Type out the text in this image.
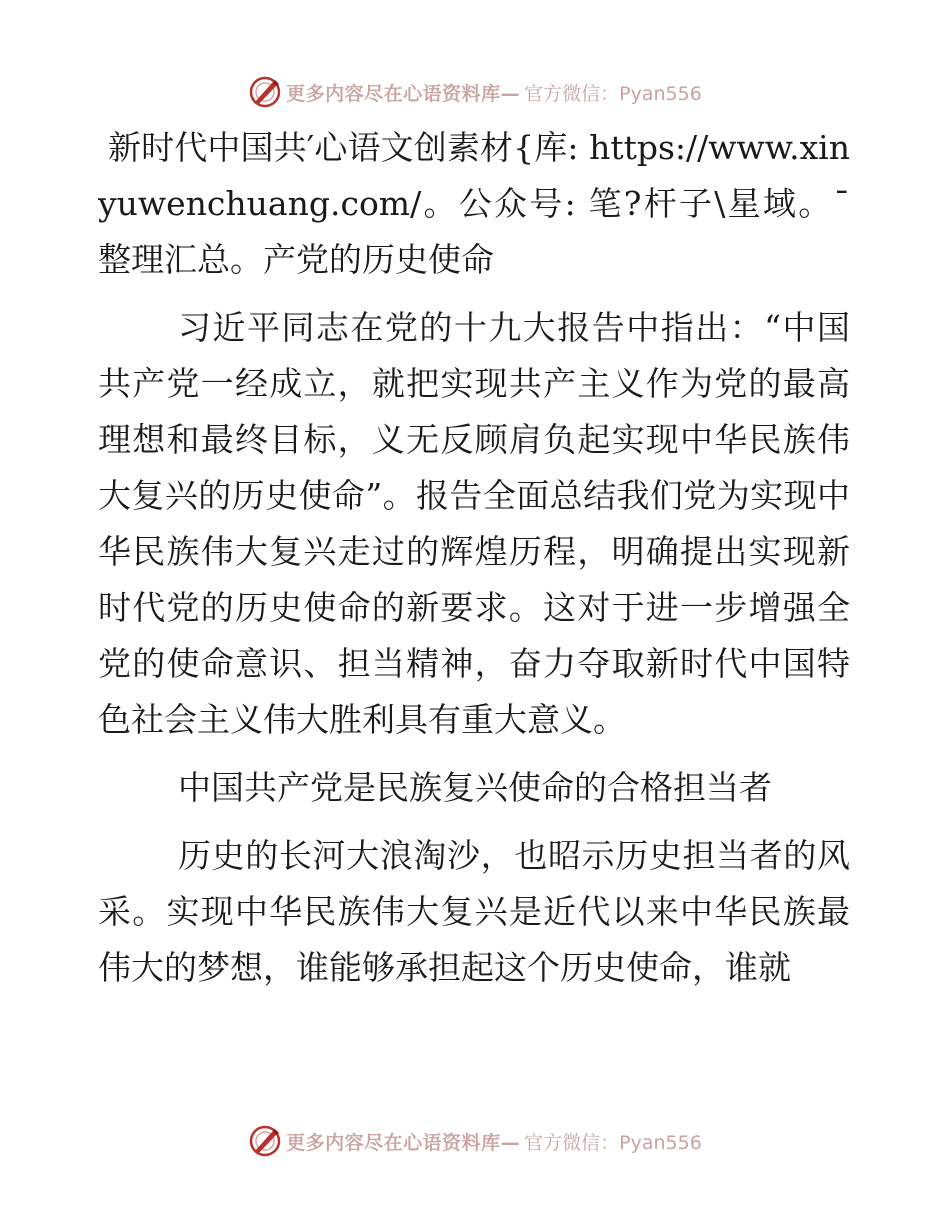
更多内容尽在心语资料库— 官方微信：Pyan556

新时代中国共′心语文创素材{库: https://www.xinyuwenchuang.com/。公众号: 笔?杆子\星域。¯整理汇总。产党的历史使命

习近平同志在党的十九大报告中指出：“中国共产党一经成立，就把实现共产主义作为党的最高理想和最终目标，义无反顾肩负起实现中华民族伟大复兴的历史使命”。报告全面总结我们党为实现中华民族伟大复兴走过的辉煌历程，明确提出实现新时代党的历史使命的新要求。这对于进一步增强全党的使命意识、担当精神，奋力夺取新时代中国特色社会主义伟大胜利具有重大意义。

中国共产党是民族复兴使命的合格担当者

历史的长河大浪淘沙，也昭示历史担当者的风采。实现中华民族伟大复兴是近代以来中华民族最伟大的梦想，谁能够承担起这个历史使命，谁就

更多内容尽在心语资料库— 官方微信：Pyan556
